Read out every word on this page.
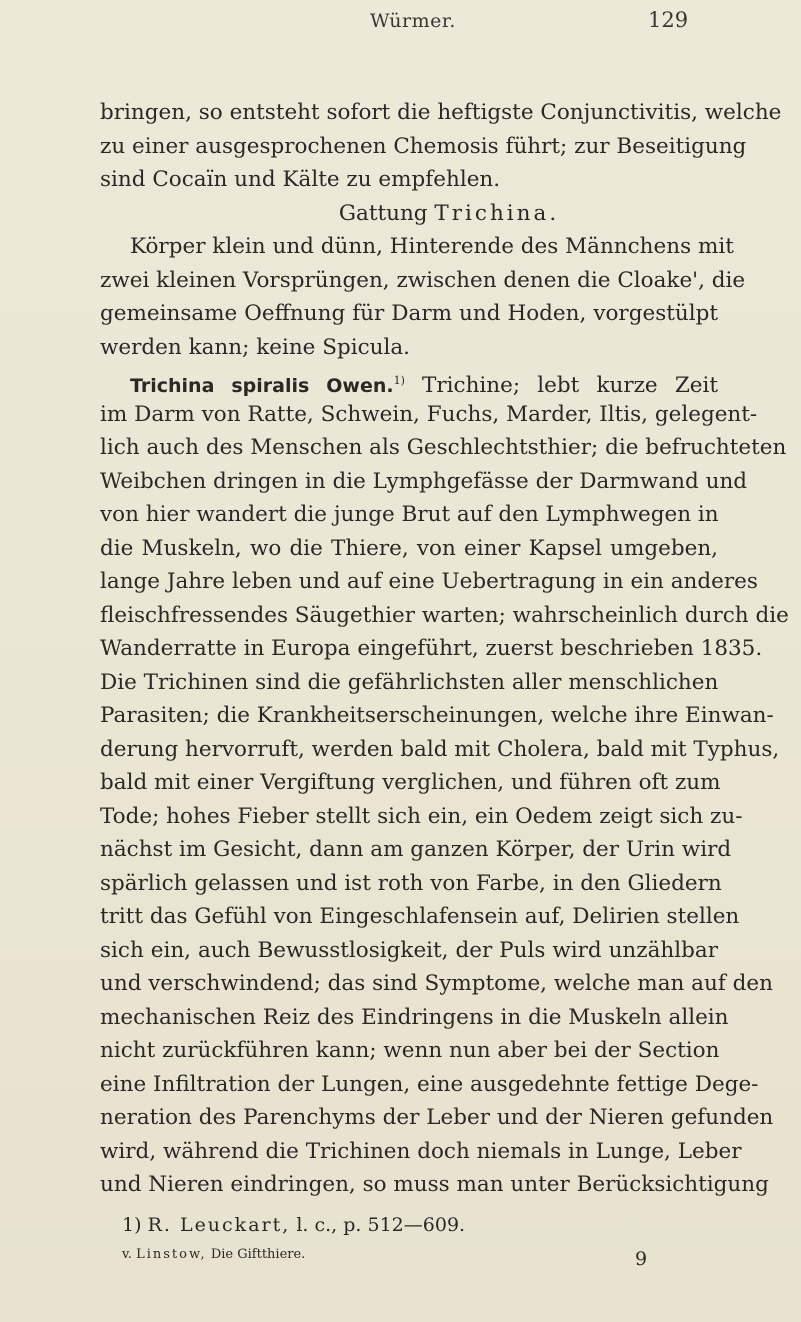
Würmer.	129
bringen, so entsteht sofort die heftigste Conjunctivitis, welche
zu einer ausgesprochenen Chemosis führt; zur Beseitigung
sind Cocaïn und Kälte zu empfehlen.
Gattung Trichina.
Körper klein und dünn, Hinterende des Männchens mit
zwei kleinen Vorsprüngen, zwischen denen die Cloake', die
gemeinsame Oeffnung für Darm und Hoden, vorgestülpt
werden kann; keine Spicula.
Trichina spiralis Owen.$^{1)}$ Trichine; lebt kurze Zeit
im Darm von Ratte, Schwein, Fuchs, Marder, Iltis, gelegent-
lich auch des Menschen als Geschlechtsthier; die befruchteten
Weibchen dringen in die Lymphgefässe der Darmwand und
von hier wandert die junge Brut auf den Lymphwegen in
die Muskeln, wo die Thiere, von einer Kapsel umgeben,
lange Jahre leben und auf eine Uebertragung in ein anderes
fleischfressendes Säugethier warten; wahrscheinlich durch die
Wanderratte in Europa eingeführt, zuerst beschrieben 1835.
Die Trichinen sind die gefährlichsten aller menschlichen
Parasiten; die Krankheitserscheinungen, welche ihre Einwan-
derung hervorruft, werden bald mit Cholera, bald mit Typhus,
bald mit einer Vergiftung verglichen, und führen oft zum
Tode; hohes Fieber stellt sich ein, ein Oedem zeigt sich zu-
nächst im Gesicht, dann am ganzen Körper, der Urin wird
spärlich gelassen und ist roth von Farbe, in den Gliedern
tritt das Gefühl von Eingeschlafensein auf, Delirien stellen
sich ein, auch Bewusstlosigkeit, der Puls wird unzählbar
und verschwindend; das sind Symptome, welche man auf den
mechanischen Reiz des Eindringens in die Muskeln allein
nicht zurückführen kann; wenn nun aber bei der Section
eine Infiltration der Lungen, eine ausgedehnte fettige Dege-
neration des Parenchyms der Leber und der Nieren gefunden
wird, während die Trichinen doch niemals in Lunge, Leber
und Nieren eindringen, so muss man unter Berücksichtigung
1) R. Leuckart, l. c., p. 512—609.
v. Linstow, Die Giftthiere.	9
